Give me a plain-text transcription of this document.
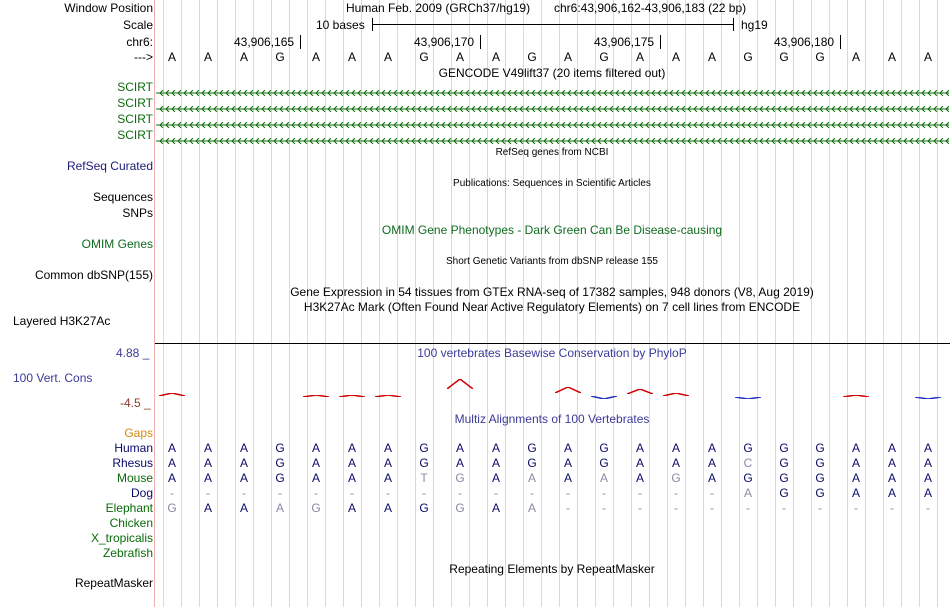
Window Position	Human Feb. 2009 (GRCh37/hg19) chr6:43,906,162-43,906,183 (22 bp)
Scale	10 bases	hg19
chr6:	43,906,165	43,906,170	43,906,175	43,906,180
--->	A	A	A	G	A	A	A	G	A	A	G	A	G	A	A	A	G	G	G	A	A	A
GENCODE V49lift37 (20 items filtered out)
SCIRT
SCIRT
SCIRT
SCIRT
RefSeq Curated
RefSeq genes from NCBI
Publications: Sequences in Scientific Articles
Sequences
SNPs
OMIM Gene Phenotypes - Dark Green Can Be Disease-causing
OMIM Genes
Short Genetic Variants from dbSNP release 155
Common dbSNP(155)
Gene Expression in 54 tissues from GTEx RNA-seq of 17382 samples, 948 donors (V8, Aug 2019)
H3K27Ac Mark (Often Found Near Active Regulatory Elements) on 7 cell lines from ENCODE
Layered H3K27Ac
4.88 _	100 vertebrates Basewise Conservation by PhyloP
100 Vert. Cons
-4.5 _
Multiz Alignments of 100 Vertebrates
Gaps
Human	A	A	A	G	A	A	A	G	A	A	G	A	G	A	A	A	G	G	G	A	A	A
Rhesus	A	A	A	G	A	A	A	G	A	A	G	A	G	A	A	A	C	G	G	A	A	A
Mouse	A	A	A	G	A	A	A	T	G	A	A	A	A	A	G	A	G	G	G	A	A	A
Dog	-	-	-	-	-	-	-	-	-	-	-	-	-	-	-	-	A	G	G	A	A	A
Elephant	G	A	A	A	G	A	A	G	G	A	A	-	-	-	-	-	-	-	-	-	-	-
Chicken
X_tropicalis
Zebrafish
Repeating Elements by RepeatMasker
RepeatMasker
